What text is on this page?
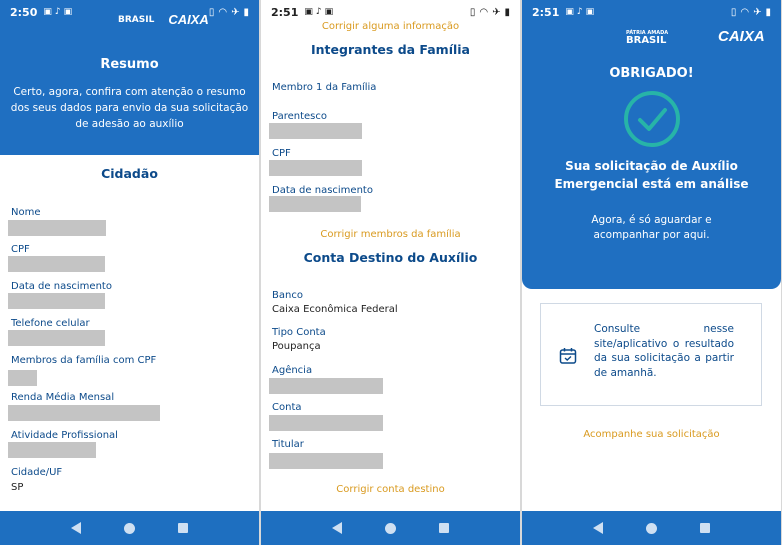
BRASIL CAIXA
Resumo

Certo, agora, confira com atenção o resumo dos seus dados para envio da sua solicitação de adesão ao auxílio

2:50 ▣ ♪ ▣	▯ ◠ ✈ ▮
Cidadão
Nome
CPF
Data de nascimento
Telefone celular
Membros da família com CPF
Renda Média Mensal
Atividade Profissional
Cidade/UF
SP
2:51 ▣ ♪ ▣	▯ ◠ ✈ ▮
Corrigir alguma informação
Integrantes da Família
Membro 1 da Família
Parentesco
CPF
Data de nascimento
Corrigir membros da família
Conta Destino do Auxílio
Banco
Caixa Econômica Federal
Tipo Conta
Poupança
Agência
Conta
Titular
Corrigir conta destino
PÁTRIA AMADA
BRASIL	CAIXA
OBRIGADO!
Sua solicitação de Auxílio Emergencial está em análise
Agora, é só aguardar e acompanhar por aqui.
2:51 ▣ ♪ ▣	▯ ◠ ✈ ▮
Consulte nesse site/aplicativo o resultado da sua solicitação a partir de amanhã.
Acompanhe sua solicitação
